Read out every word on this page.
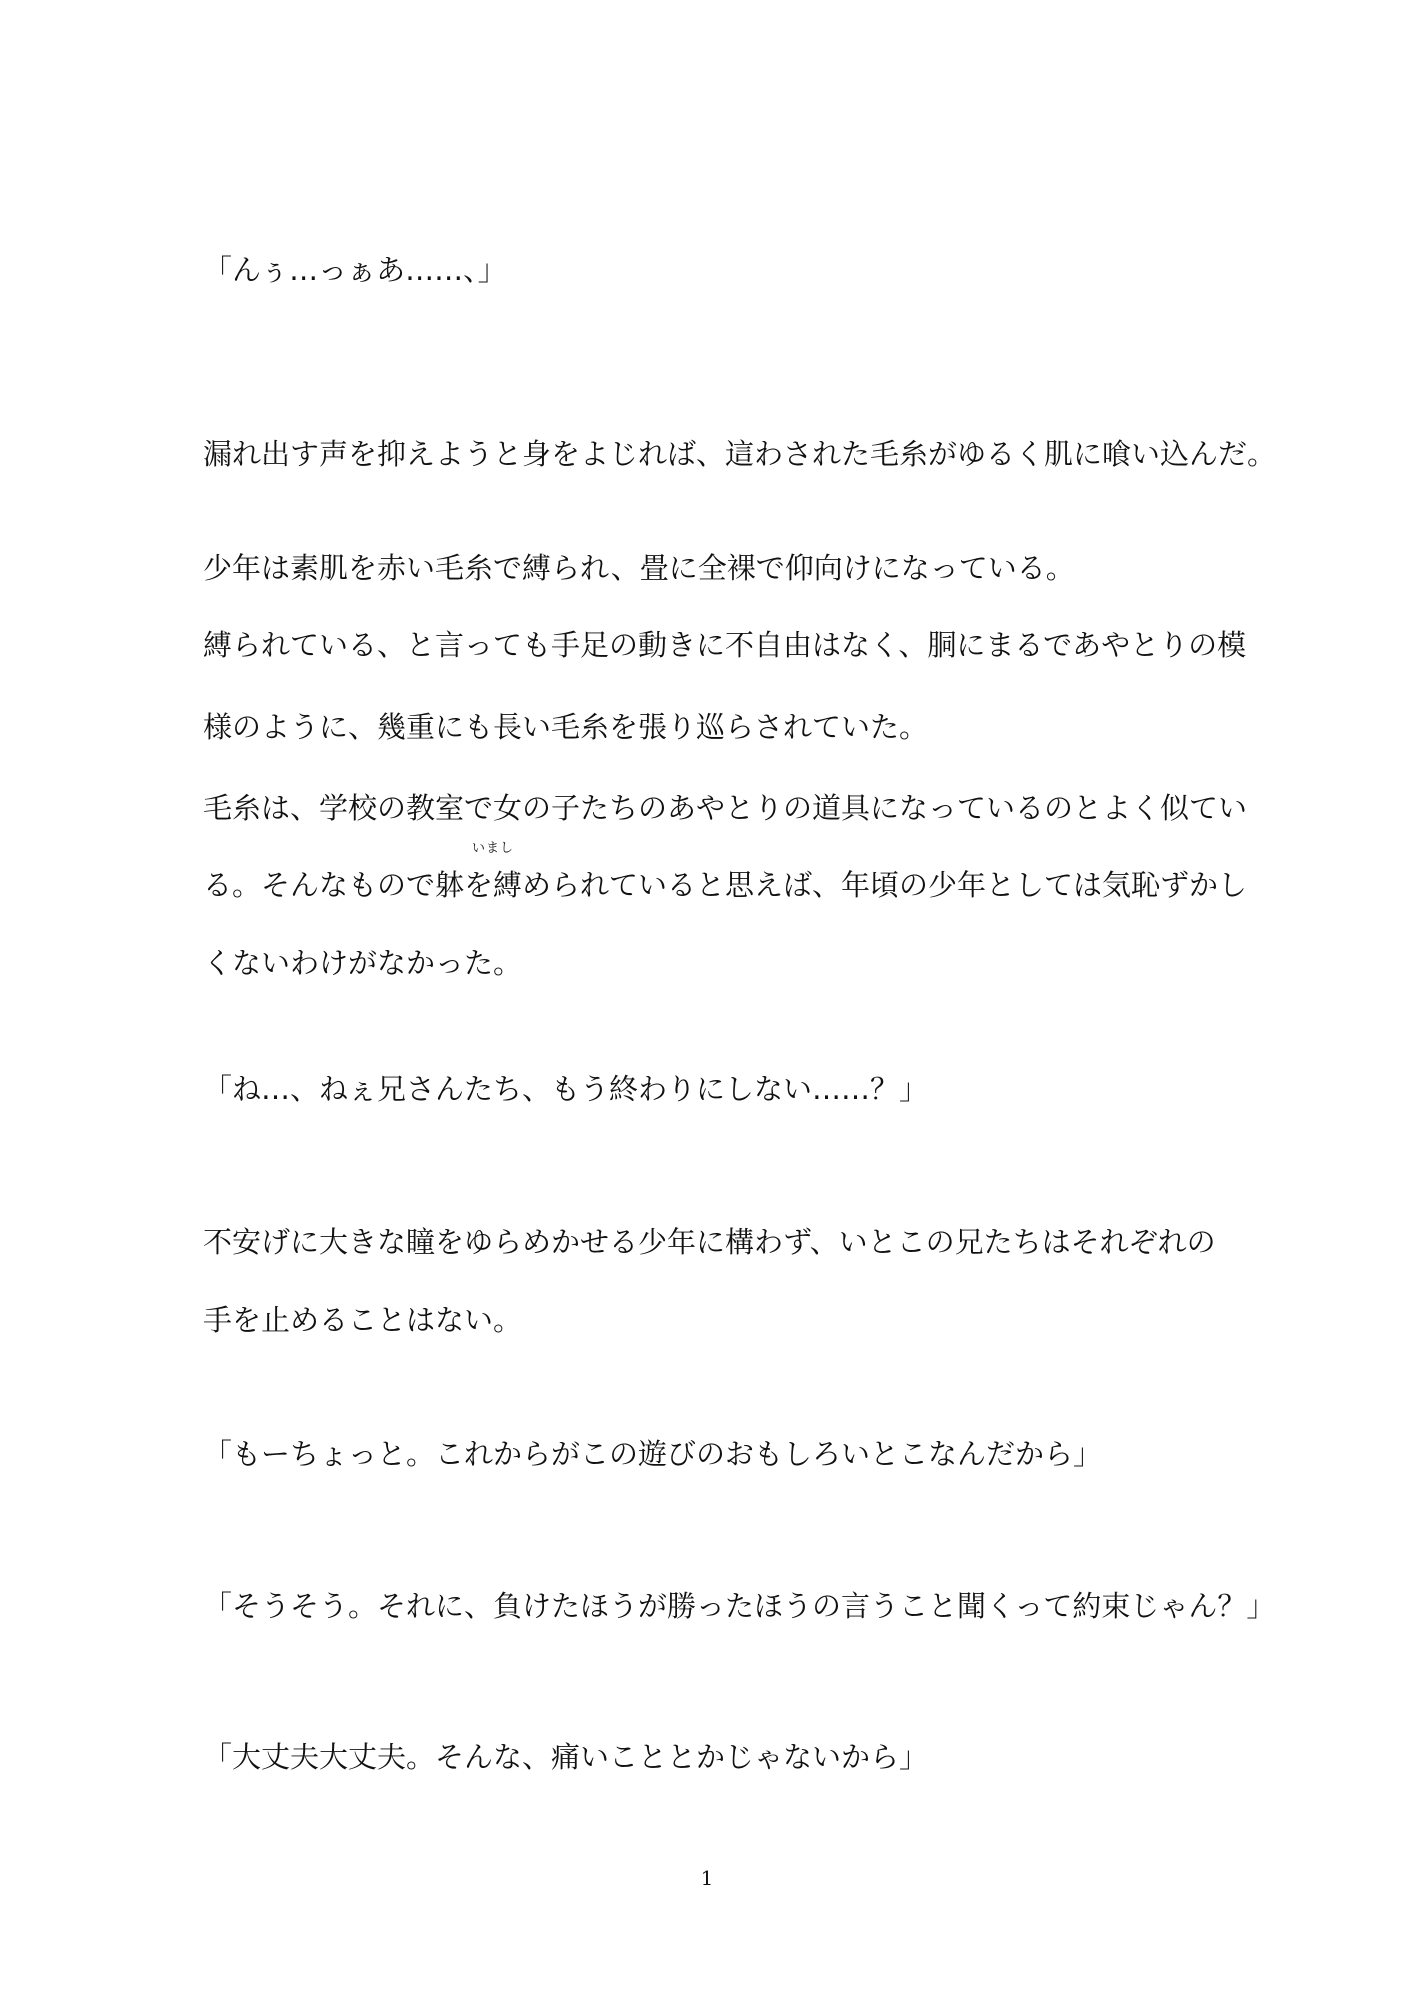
「んぅ…っぁあ……、」
漏れ出す声を抑えようと身をよじれば、這わされた毛糸がゆるく肌に喰い込んだ。
少年は素肌を赤い毛糸で縛られ、畳に全裸で仰向けになっている。
縛られている、と言っても手足の動きに不自由はなく、胴にまるであやとりの模
様のように、幾重にも長い毛糸を張り巡らされていた。
毛糸は、学校の教室で女の子たちのあやとりの道具になっているのとよく似てい
いまし
る。そんなもので躰を縛められていると思えば、年頃の少年としては気恥ずかし
くないわけがなかった。
「ね…、ねぇ兄さんたち、もう終わりにしない……？」
不安げに大きな瞳をゆらめかせる少年に構わず、いとこの兄たちはそれぞれの
手を止めることはない。
「もーちょっと。これからがこの遊びのおもしろいとこなんだから」
「そうそう。それに、負けたほうが勝ったほうの言うこと聞くって約束じゃん？」
「大丈夫大丈夫。そんな、痛いこととかじゃないから」
1
